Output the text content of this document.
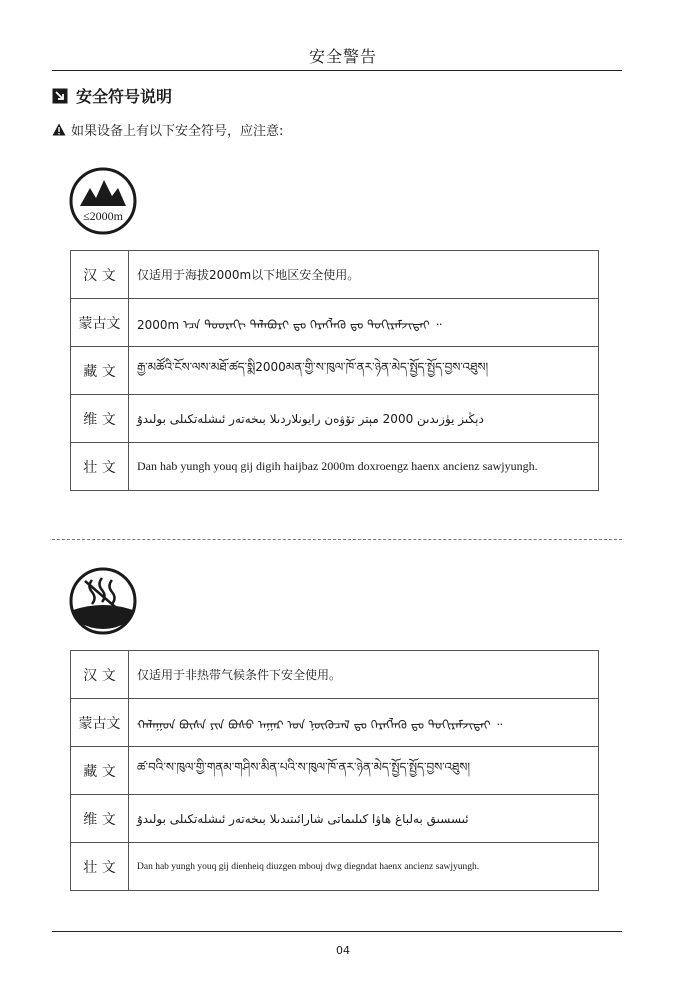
安全警告
安全符号说明
如果设备上有以下安全符号，应注意:
≤2000m
汉 文	仅适用于海拔2000m以下地区安全使用。
蒙古文	2000m ᠡᠴᠡ ᠳᠣᠣᠷᠠᠬᠢ ᠲᠠᠯᠠᠪᠤᠷᠢ ᠳᠤ ᠬᠡᠷᠡᠭᠯᠡᠬᠦ ᠳᠤ ᠲᠣᠬᠢᠷᠠᠮᠵᠢᠲᠠᠢ ᠃
藏 文	རྒྱ་མཚོའི་ངོས་ལས་མཐོ་ཚད་སྨི2000མན་གྱི་ས་ཁུལ་ཁོ་ནར་ཉེན་མེད་སྤྱོད་སྤྱོད་བྱས་འཐུས།
维 文	دېڭىز يۈزىدىن 2000 مېتر تۆۋەن رايونلاردىلا بىخەتەر ئىشلەتكىلى بولىدۇ
壮 文	Dan hab yungh youq gij digih haijbaz 2000m doxroengz haenx ancienz sawjyungh.
汉 文	仅适用于非热带气候条件下安全使用。
蒙古文	ᠬᠠᠯᠠᠭᠤᠨ ᠪᠦᠰᠡ ᠶᠢᠨ ᠪᠤᠰᠤ ᠠᠭᠠᠷ ᠤᠨ ᠨᠥᠬᠦᠴᠡᠯ ᠳᠤ ᠬᠡᠷᠡᠭᠯᠡᠬᠦ ᠳᠤ ᠲᠣᠬᠢᠷᠠᠮᠵᠢᠲᠠᠢ ᠃
藏 文	ཚ་བའི་ས་ཁུལ་གྱི་གནམ་གཤིས་མིན་པའི་ས་ཁུལ་ཁོ་ནར་ཉེན་མེད་སྤྱོད་སྤྱོད་བྱས་འཐུས།
维 文	ئىسسىق بەلباغ ھاۋا كىلىماتى شارائىتىدىلا بىخەتەر ئىشلەتكىلى بولىدۇ
壮 文	Dan hab yungh youq gij dienheiq diuzgen mbouj dwg diegndat haenx ancienz sawjyungh.
04
